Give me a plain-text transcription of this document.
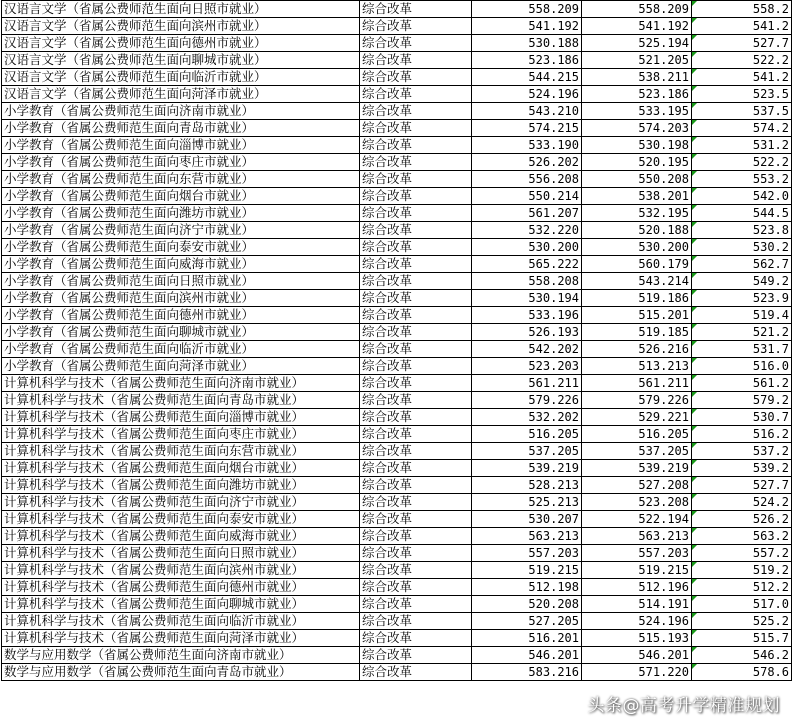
汉语言文学（省属公费师范生面向日照市就业）	综合改革	558.209	558.209	558.2
汉语言文学（省属公费师范生面向滨州市就业）	综合改革	541.192	541.192	541.2
汉语言文学（省属公费师范生面向德州市就业）	综合改革	530.188	525.194	527.7
汉语言文学（省属公费师范生面向聊城市就业）	综合改革	523.186	521.205	522.2
汉语言文学（省属公费师范生面向临沂市就业）	综合改革	544.215	538.211	541.2
汉语言文学（省属公费师范生面向菏泽市就业）	综合改革	524.196	523.186	523.5
小学教育（省属公费师范生面向济南市就业）	综合改革	543.210	533.195	537.5
小学教育（省属公费师范生面向青岛市就业）	综合改革	574.215	574.203	574.2
小学教育（省属公费师范生面向淄博市就业）	综合改革	533.190	530.198	531.2
小学教育（省属公费师范生面向枣庄市就业）	综合改革	526.202	520.195	522.2
小学教育（省属公费师范生面向东营市就业）	综合改革	556.208	550.208	553.2
小学教育（省属公费师范生面向烟台市就业）	综合改革	550.214	538.201	542.0
小学教育（省属公费师范生面向潍坊市就业）	综合改革	561.207	532.195	544.5
小学教育（省属公费师范生面向济宁市就业）	综合改革	532.220	520.188	523.8
小学教育（省属公费师范生面向泰安市就业）	综合改革	530.200	530.200	530.2
小学教育（省属公费师范生面向威海市就业）	综合改革	565.222	560.179	562.7
小学教育（省属公费师范生面向日照市就业）	综合改革	558.208	543.214	549.2
小学教育（省属公费师范生面向滨州市就业）	综合改革	530.194	519.186	523.9
小学教育（省属公费师范生面向德州市就业）	综合改革	533.196	515.201	519.4
小学教育（省属公费师范生面向聊城市就业）	综合改革	526.193	519.185	521.2
小学教育（省属公费师范生面向临沂市就业）	综合改革	542.202	526.216	531.7
小学教育（省属公费师范生面向菏泽市就业）	综合改革	523.203	513.213	516.0
计算机科学与技术（省属公费师范生面向济南市就业）	综合改革	561.211	561.211	561.2
计算机科学与技术（省属公费师范生面向青岛市就业）	综合改革	579.226	579.226	579.2
计算机科学与技术（省属公费师范生面向淄博市就业）	综合改革	532.202	529.221	530.7
计算机科学与技术（省属公费师范生面向枣庄市就业）	综合改革	516.205	516.205	516.2
计算机科学与技术（省属公费师范生面向东营市就业）	综合改革	537.205	537.205	537.2
计算机科学与技术（省属公费师范生面向烟台市就业）	综合改革	539.219	539.219	539.2
计算机科学与技术（省属公费师范生面向潍坊市就业）	综合改革	528.213	527.208	527.7
计算机科学与技术（省属公费师范生面向济宁市就业）	综合改革	525.213	523.208	524.2
计算机科学与技术（省属公费师范生面向泰安市就业）	综合改革	530.207	522.194	526.2
计算机科学与技术（省属公费师范生面向威海市就业）	综合改革	563.213	563.213	563.2
计算机科学与技术（省属公费师范生面向日照市就业）	综合改革	557.203	557.203	557.2
计算机科学与技术（省属公费师范生面向滨州市就业）	综合改革	519.215	519.215	519.2
计算机科学与技术（省属公费师范生面向德州市就业）	综合改革	512.198	512.196	512.2
计算机科学与技术（省属公费师范生面向聊城市就业）	综合改革	520.208	514.191	517.0
计算机科学与技术（省属公费师范生面向临沂市就业）	综合改革	527.205	524.196	525.2
计算机科学与技术（省属公费师范生面向菏泽市就业）	综合改革	516.201	515.193	515.7
数学与应用数学（省属公费师范生面向济南市就业）	综合改革	546.201	546.201	546.2
数学与应用数学（省属公费师范生面向青岛市就业）	综合改革	583.216	571.220	578.6
头条@高考升学精准规划
